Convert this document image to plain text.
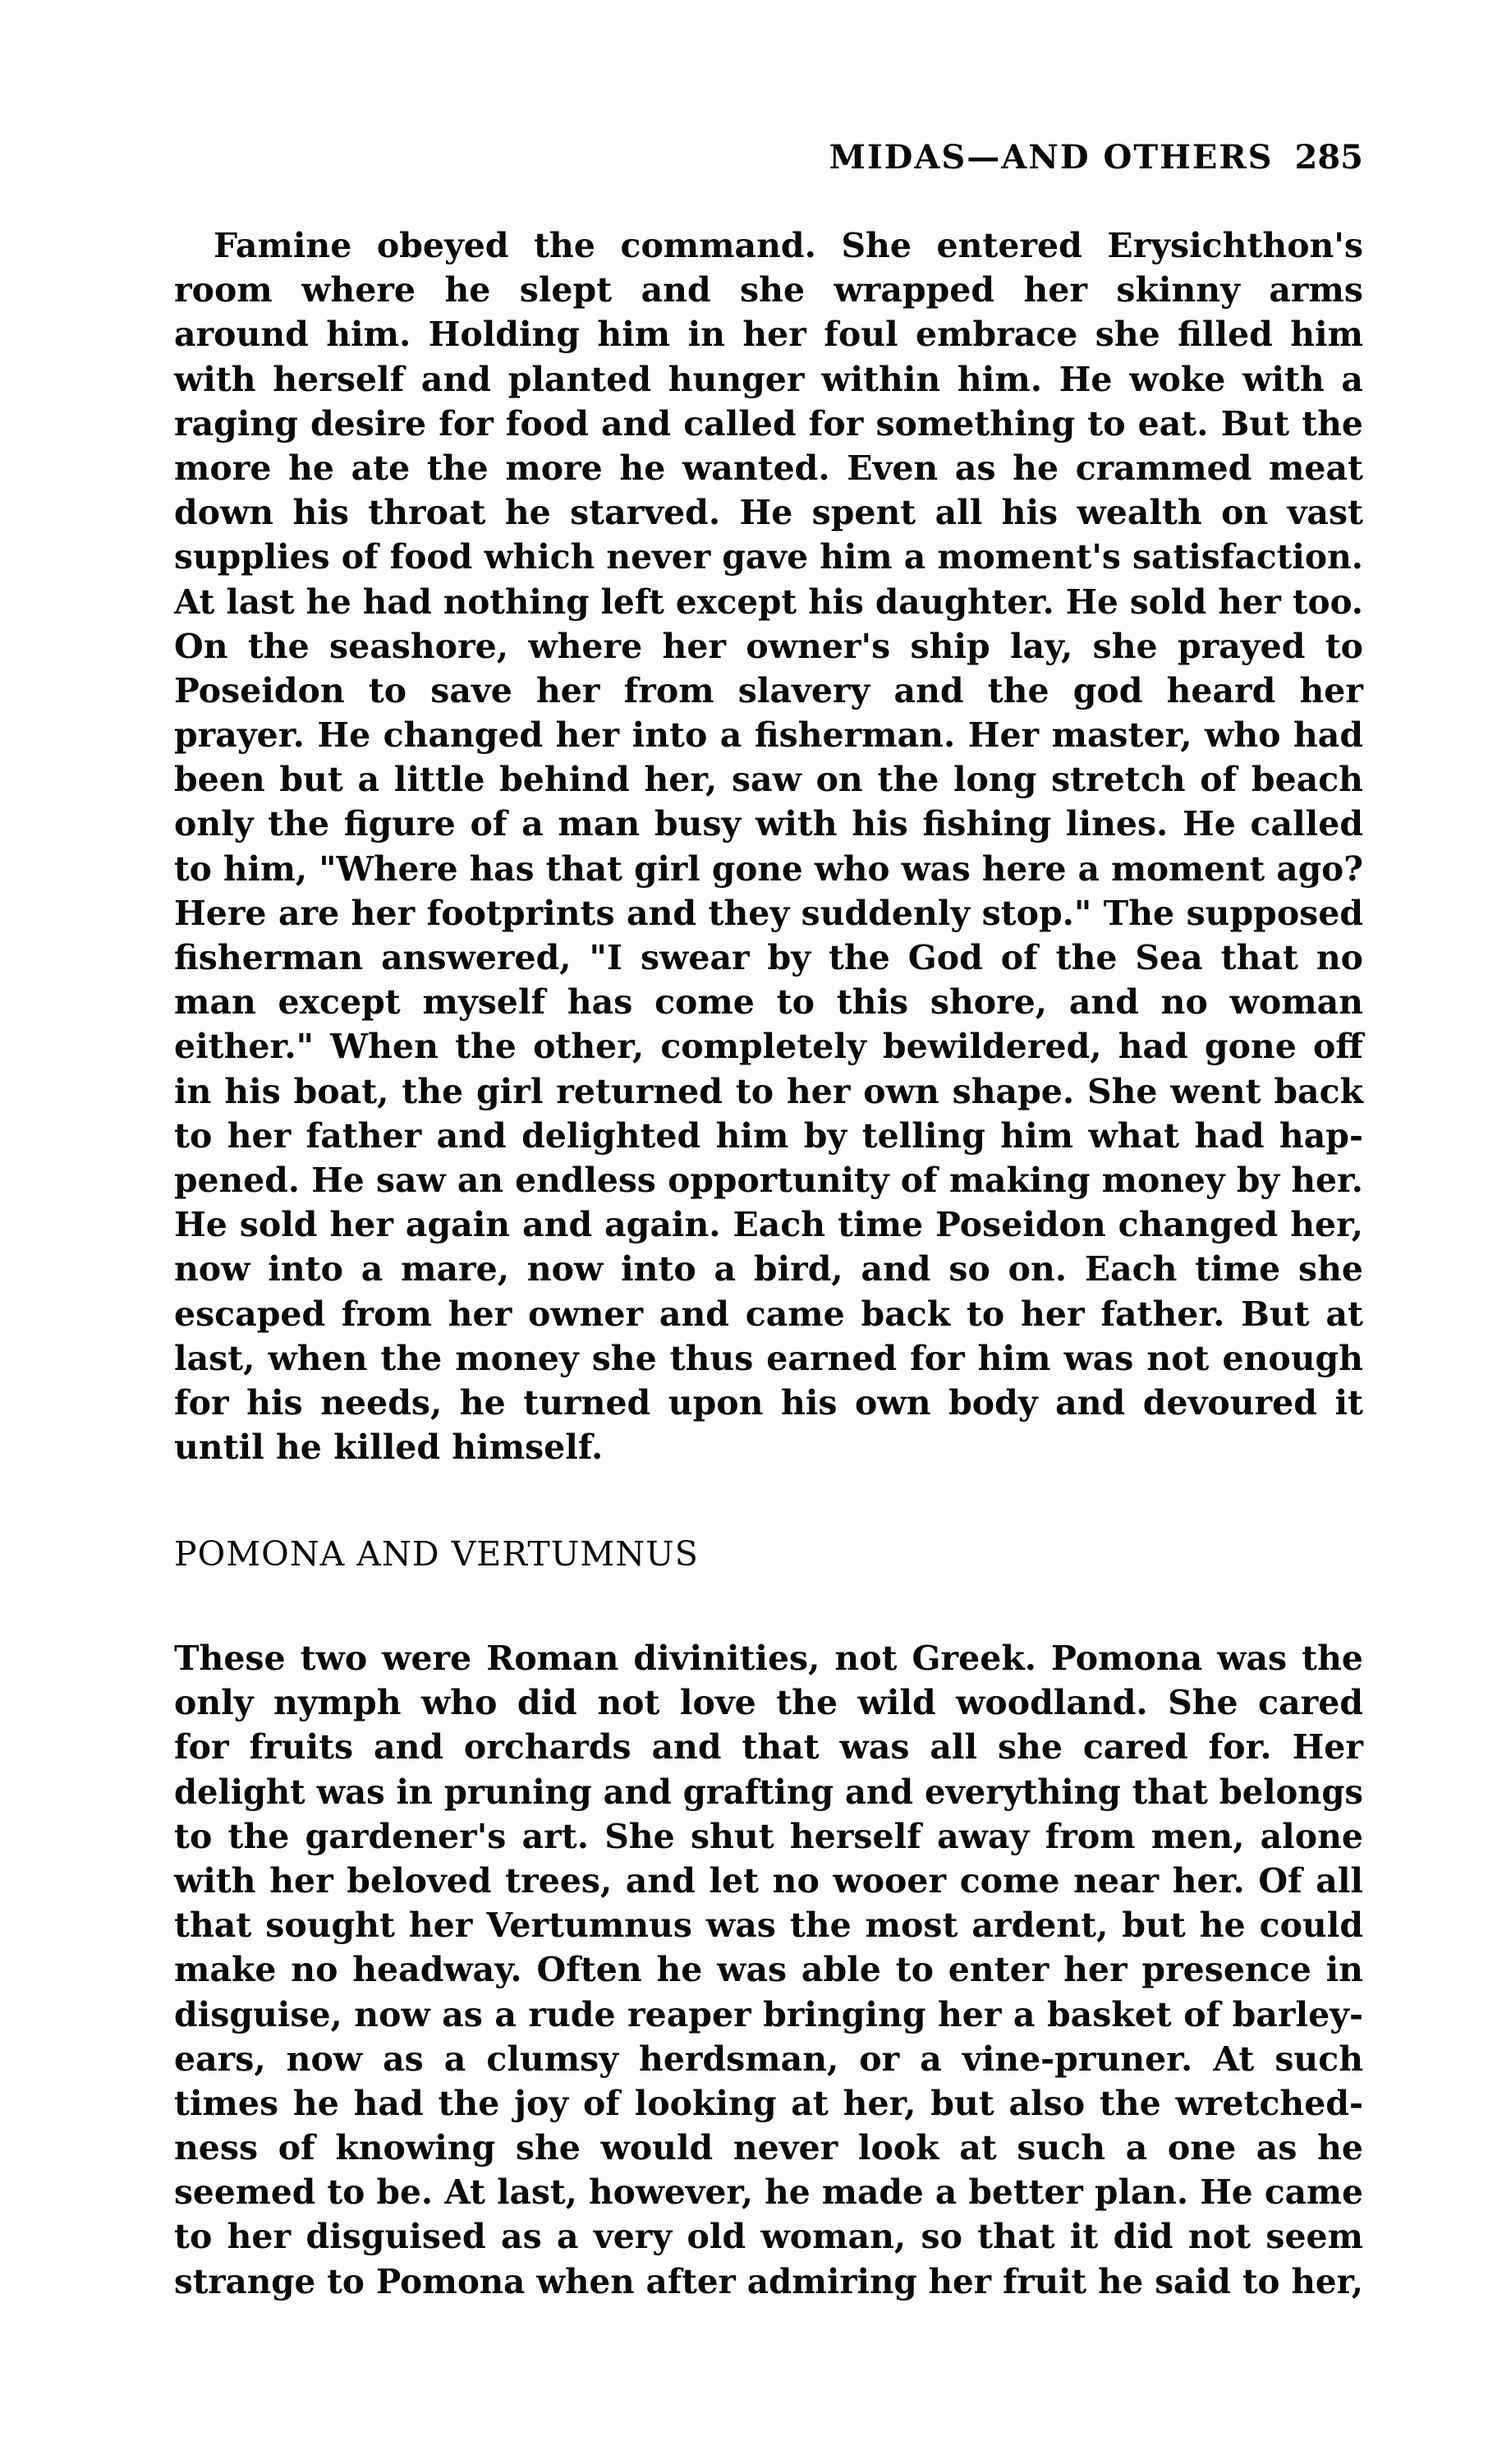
MIDAS—AND OTHERS 285
Famine obeyed the command. She entered Erysichthon's
room where he slept and she wrapped her skinny arms
around him. Holding him in her foul embrace she filled him
with herself and planted hunger within him. He woke with a
raging desire for food and called for something to eat. But the
more he ate the more he wanted. Even as he crammed meat
down his throat he starved. He spent all his wealth on vast
supplies of food which never gave him a moment's satisfaction.
At last he had nothing left except his daughter. He sold her too.
On the seashore, where her owner's ship lay, she prayed to
Poseidon to save her from slavery and the god heard her
prayer. He changed her into a fisherman. Her master, who had
been but a little behind her, saw on the long stretch of beach
only the figure of a man busy with his fishing lines. He called
to him, "Where has that girl gone who was here a moment ago?
Here are her footprints and they suddenly stop." The supposed
fisherman answered, "I swear by the God of the Sea that no
man except myself has come to this shore, and no woman
either." When the other, completely bewildered, had gone off
in his boat, the girl returned to her own shape. She went back
to her father and delighted him by telling him what had hap-
pened. He saw an endless opportunity of making money by her.
He sold her again and again. Each time Poseidon changed her,
now into a mare, now into a bird, and so on. Each time she
escaped from her owner and came back to her father. But at
last, when the money she thus earned for him was not enough
for his needs, he turned upon his own body and devoured it
until he killed himself.
POMONA AND VERTUMNUS
These two were Roman divinities, not Greek. Pomona was the
only nymph who did not love the wild woodland. She cared
for fruits and orchards and that was all she cared for. Her
delight was in pruning and grafting and everything that belongs
to the gardener's art. She shut herself away from men, alone
with her beloved trees, and let no wooer come near her. Of all
that sought her Vertumnus was the most ardent, but he could
make no headway. Often he was able to enter her presence in
disguise, now as a rude reaper bringing her a basket of barley-
ears, now as a clumsy herdsman, or a vine-pruner. At such
times he had the joy of looking at her, but also the wretched-
ness of knowing she would never look at such a one as he
seemed to be. At last, however, he made a better plan. He came
to her disguised as a very old woman, so that it did not seem
strange to Pomona when after admiring her fruit he said to her,
